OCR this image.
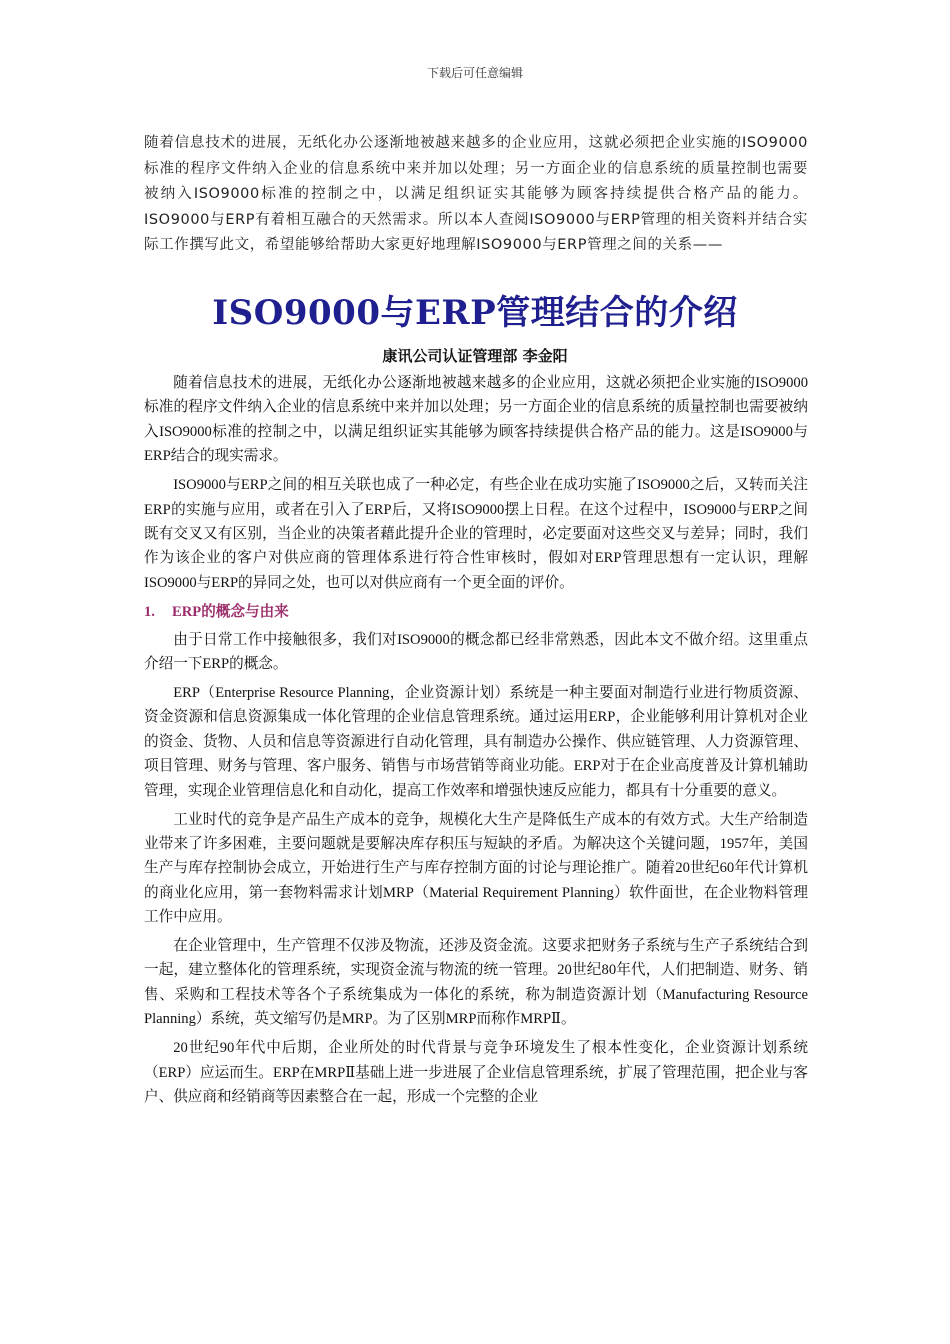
下载后可任意编辑
随着信息技术的进展，无纸化办公逐渐地被越来越多的企业应用，这就必须把企业实施的ISO9000标准的程序文件纳入企业的信息系统中来并加以处理；另一方面企业的信息系统的质量控制也需要被纳入ISO9000标准的控制之中，以满足组织证实其能够为顾客持续提供合格产品的能力。ISO9000与ERP有着相互融合的天然需求。所以本人查阅ISO9000与ERP管理的相关资料并结合实际工作撰写此文，希望能够给帮助大家更好地理解ISO9000与ERP管理之间的关系——
ISO9000与ERP管理结合的介绍
康讯公司认证管理部 李金阳

随着信息技术的进展，无纸化办公逐渐地被越来越多的企业应用，这就必须把企业实施的ISO9000标准的程序文件纳入企业的信息系统中来并加以处理；另一方面企业的信息系统的质量控制也需要被纳入ISO9000标准的控制之中，以满足组织证实其能够为顾客持续提供合格产品的能力。这是ISO9000与ERP结合的现实需求。

ISO9000与ERP之间的相互关联也成了一种必定，有些企业在成功实施了ISO9000之后，又转而关注ERP的实施与应用，或者在引入了ERP后，又将ISO9000摆上日程。在这个过程中，ISO9000与ERP之间既有交叉又有区别，当企业的决策者藉此提升企业的管理时，必定要面对这些交叉与差异；同时，我们作为该企业的客户对供应商的管理体系进行符合性审核时，假如对ERP管理思想有一定认识，理解ISO9000与ERP的异同之处，也可以对供应商有一个更全面的评价。

1. ERP的概念与由来

由于日常工作中接触很多，我们对ISO9000的概念都已经非常熟悉，因此本文不做介绍。这里重点介绍一下ERP的概念。

ERP（Enterprise Resource Planning，企业资源计划）系统是一种主要面对制造行业进行物质资源、资金资源和信息资源集成一体化管理的企业信息管理系统。通过运用ERP，企业能够利用计算机对企业的资金、货物、人员和信息等资源进行自动化管理，具有制造办公操作、供应链管理、人力资源管理、项目管理、财务与管理、客户服务、销售与市场营销等商业功能。ERP对于在企业高度普及计算机辅助管理，实现企业管理信息化和自动化，提高工作效率和增强快速反应能力，都具有十分重要的意义。

工业时代的竞争是产品生产成本的竞争，规模化大生产是降低生产成本的有效方式。大生产给制造业带来了许多困难，主要问题就是要解决库存积压与短缺的矛盾。为解决这个关键问题，1957年，美国生产与库存控制协会成立，开始进行生产与库存控制方面的讨论与理论推广。随着20世纪60年代计算机的商业化应用，第一套物料需求计划MRP（Material Requirement Planning）软件面世，在企业物料管理工作中应用。

在企业管理中，生产管理不仅涉及物流，还涉及资金流。这要求把财务子系统与生产子系统结合到一起，建立整体化的管理系统，实现资金流与物流的统一管理。20世纪80年代，人们把制造、财务、销售、采购和工程技术等各个子系统集成为一体化的系统，称为制造资源计划（Manufacturing Resource Planning）系统，英文缩写仍是MRP。为了区别MRP而称作MRPⅡ。

20世纪90年代中后期，企业所处的时代背景与竞争环境发生了根本性变化，企业资源计划系统（ERP）应运而生。ERP在MRPⅡ基础上进一步进展了企业信息管理系统，扩展了管理范围，把企业与客户、供应商和经销商等因素整合在一起，形成一个完整的企业
